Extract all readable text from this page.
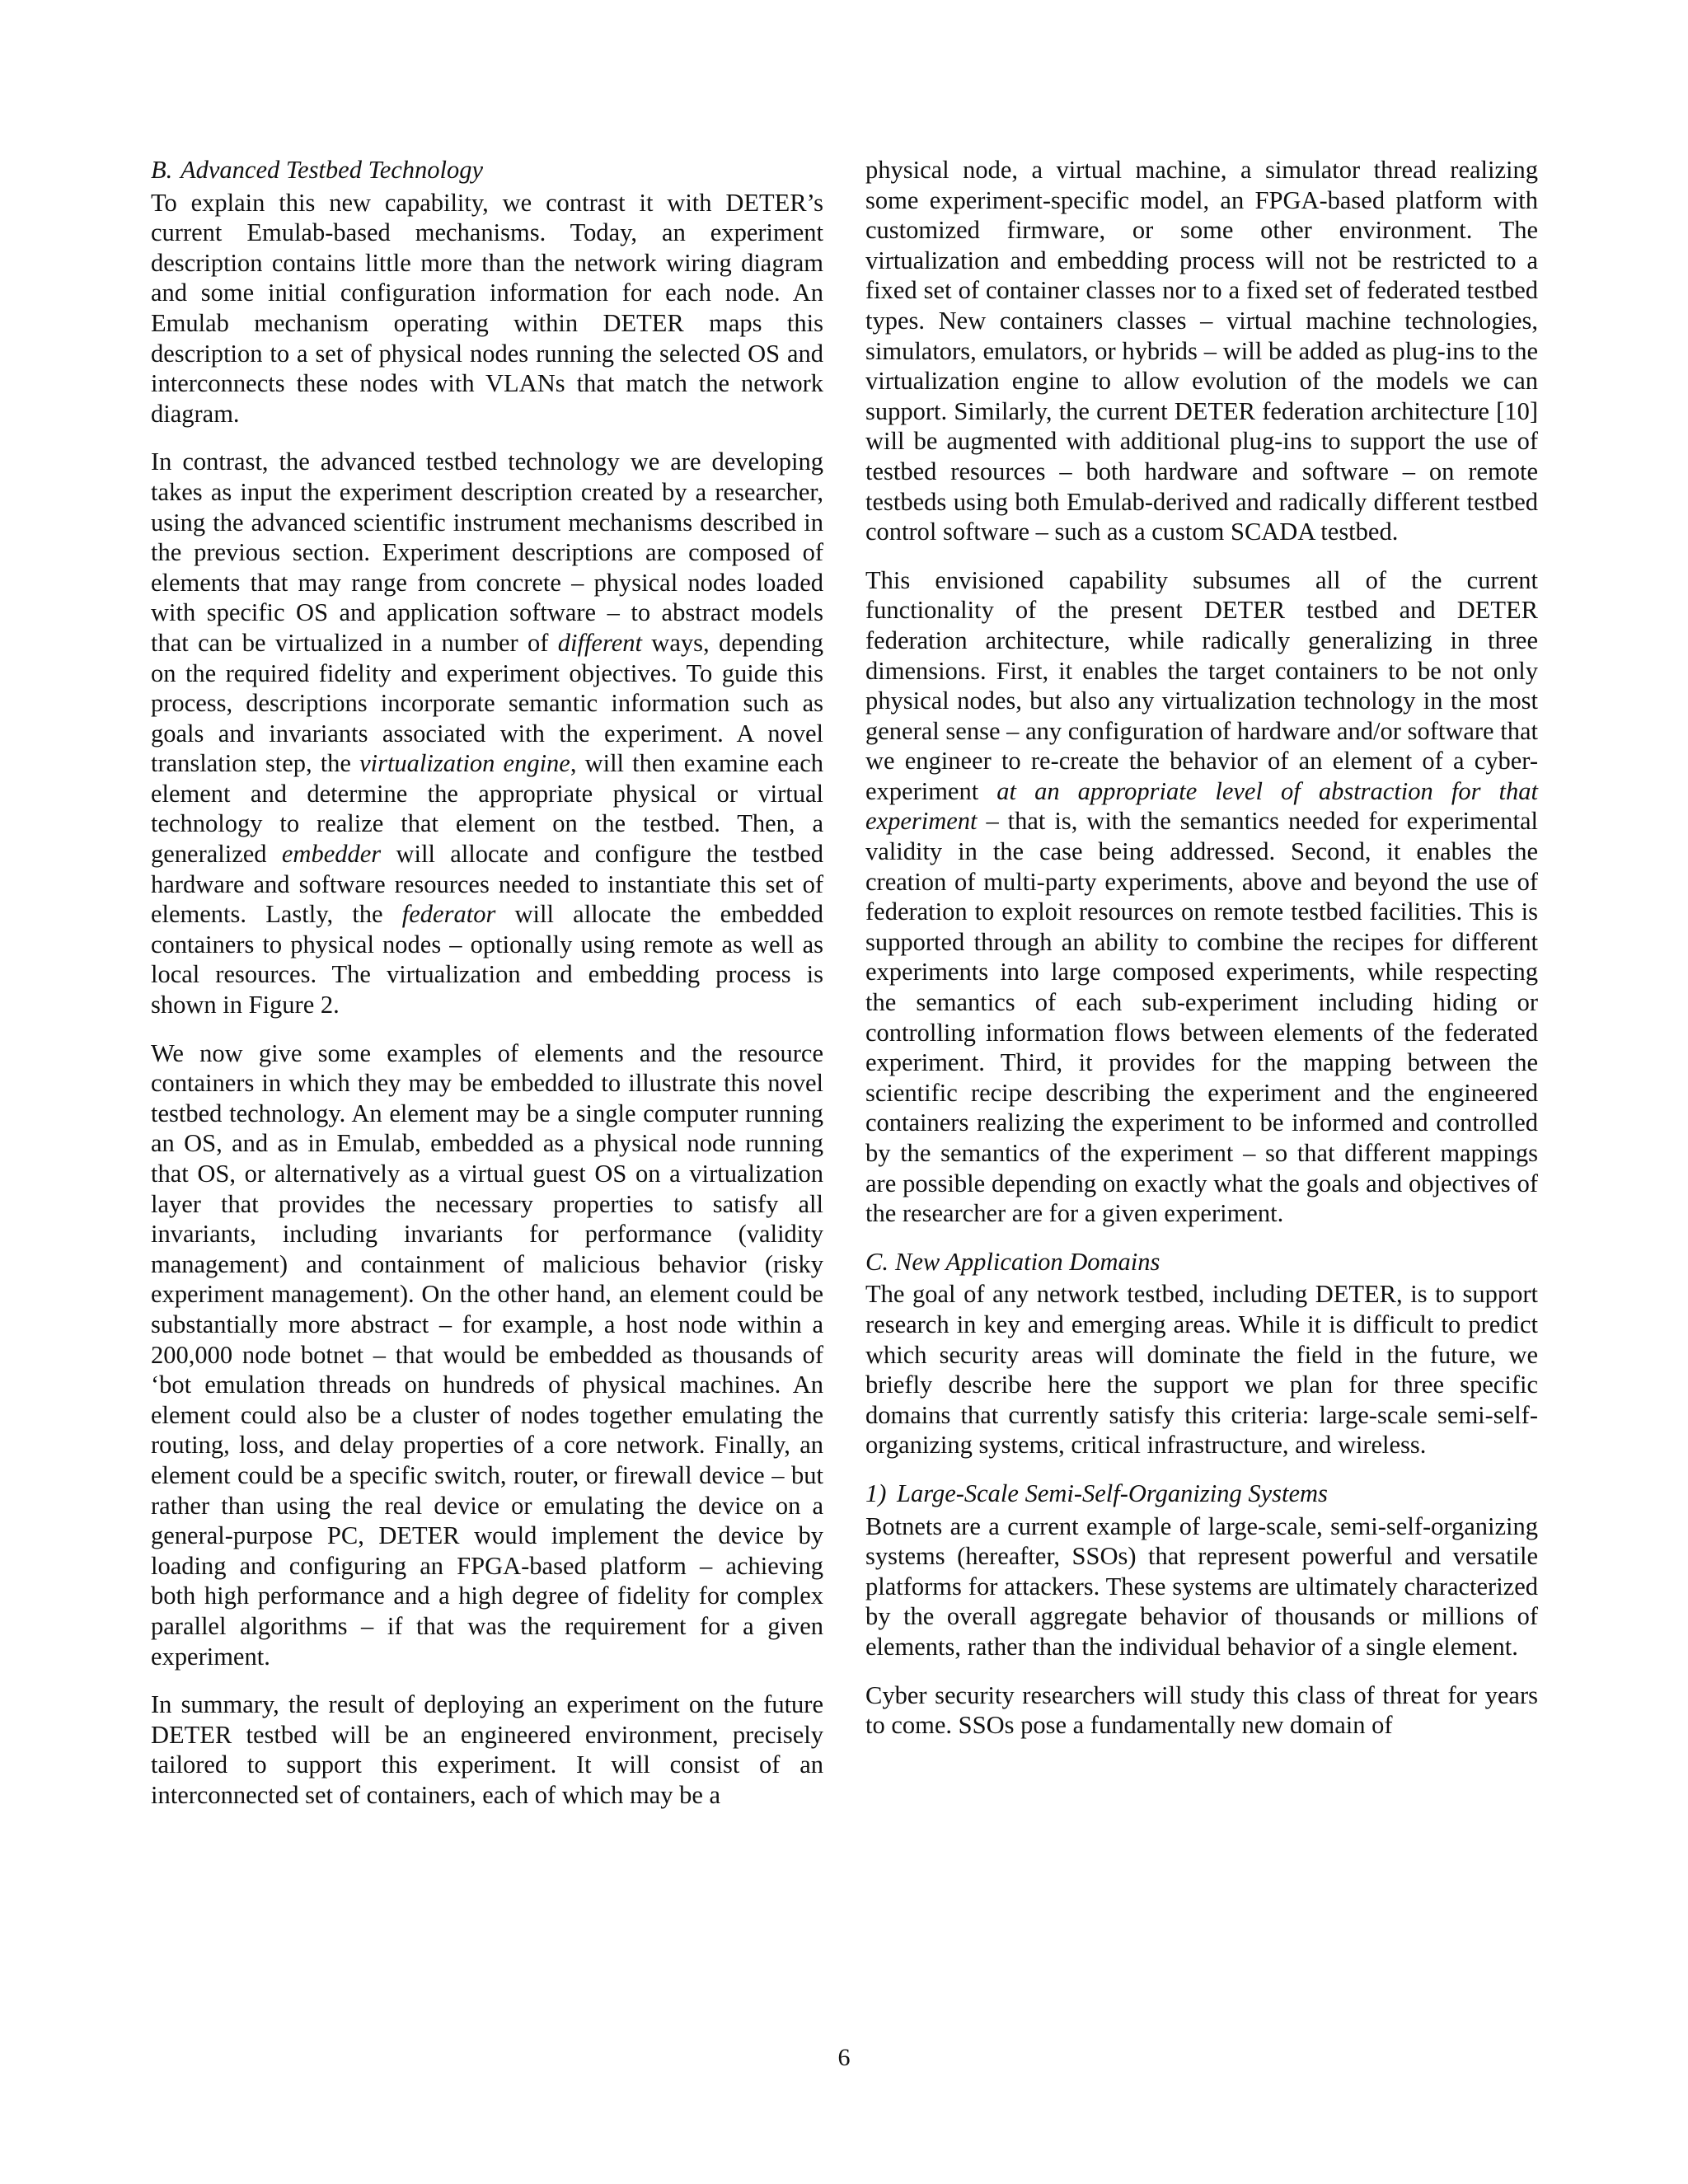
B. Advanced Testbed Technology

To explain this new capability, we contrast it with DETER’s current Emulab-based mechanisms. Today, an experiment description contains little more than the network wiring diagram and some initial configuration information for each node. An Emulab mechanism operating within DETER maps this description to a set of physical nodes running the selected OS and interconnects these nodes with VLANs that match the network diagram.

In contrast, the advanced testbed technology we are developing takes as input the experiment description created by a researcher, using the advanced scientific instrument mechanisms described in the previous section. Experiment descriptions are composed of elements that may range from concrete – physical nodes loaded with specific OS and application software – to abstract models that can be virtualized in a number of different ways, depending on the required fidelity and experiment objectives. To guide this process, descriptions incorporate semantic information such as goals and invariants associated with the experiment. A novel translation step, the virtualization engine, will then examine each element and determine the appropriate physical or virtual technology to realize that element on the testbed. Then, a generalized embedder will allocate and configure the testbed hardware and software resources needed to instantiate this set of elements. Lastly, the federator will allocate the embedded containers to physical nodes – optionally using remote as well as local resources. The virtualization and embedding process is shown in Figure 2.

We now give some examples of elements and the resource containers in which they may be embedded to illustrate this novel testbed technology. An element may be a single computer running an OS, and as in Emulab, embedded as a physical node running that OS, or alternatively as a virtual guest OS on a virtualization layer that provides the necessary properties to satisfy all invariants, including invariants for performance (validity management) and containment of malicious behavior (risky experiment management). On the other hand, an element could be substantially more abstract – for example, a host node within a 200,000 node botnet – that would be embedded as thousands of ‘bot emulation threads on hundreds of physical machines. An element could also be a cluster of nodes together emulating the routing, loss, and delay properties of a core network. Finally, an element could be a specific switch, router, or firewall device – but rather than using the real device or emulating the device on a general-purpose PC, DETER would implement the device by loading and configuring an FPGA-based platform – achieving both high performance and a high degree of fidelity for complex parallel algorithms – if that was the requirement for a given experiment.

In summary, the result of deploying an experiment on the future DETER testbed will be an engineered environment, precisely tailored to support this experiment. It will consist of an interconnected set of containers, each of which may be a

physical node, a virtual machine, a simulator thread realizing some experiment-specific model, an FPGA-based platform with customized firmware, or some other environment. The virtualization and embedding process will not be restricted to a fixed set of container classes nor to a fixed set of federated testbed types. New containers classes – virtual machine technologies, simulators, emulators, or hybrids – will be added as plug-ins to the virtualization engine to allow evolution of the models we can support. Similarly, the current DETER federation architecture [10] will be augmented with additional plug-ins to support the use of testbed resources – both hardware and software – on remote testbeds using both Emulab-derived and radically different testbed control software – such as a custom SCADA testbed.

This envisioned capability subsumes all of the current functionality of the present DETER testbed and DETER federation architecture, while radically generalizing in three dimensions. First, it enables the target containers to be not only physical nodes, but also any virtualization technology in the most general sense – any configuration of hardware and/or software that we engineer to re-create the behavior of an element of a cyber-experiment at an appropriate level of abstraction for that experiment – that is, with the semantics needed for experimental validity in the case being addressed. Second, it enables the creation of multi-party experiments, above and beyond the use of federation to exploit resources on remote testbed facilities. This is supported through an ability to combine the recipes for different experiments into large composed experiments, while respecting the semantics of each sub-experiment including hiding or controlling information flows between elements of the federated experiment. Third, it provides for the mapping between the scientific recipe describing the experiment and the engineered containers realizing the experiment to be informed and controlled by the semantics of the experiment – so that different mappings are possible depending on exactly what the goals and objectives of the researcher are for a given experiment.

C. New Application Domains

The goal of any network testbed, including DETER, is to support research in key and emerging areas. While it is difficult to predict which security areas will dominate the field in the future, we briefly describe here the support we plan for three specific domains that currently satisfy this criteria: large-scale semi-self-organizing systems, critical infrastructure, and wireless.

1) Large-Scale Semi-Self-Organizing Systems

Botnets are a current example of large-scale, semi-self-organizing systems (hereafter, SSOs) that represent powerful and versatile platforms for attackers. These systems are ultimately characterized by the overall aggregate behavior of thousands or millions of elements, rather than the individual behavior of a single element.

Cyber security researchers will study this class of threat for years to come. SSOs pose a fundamentally new domain of

6
